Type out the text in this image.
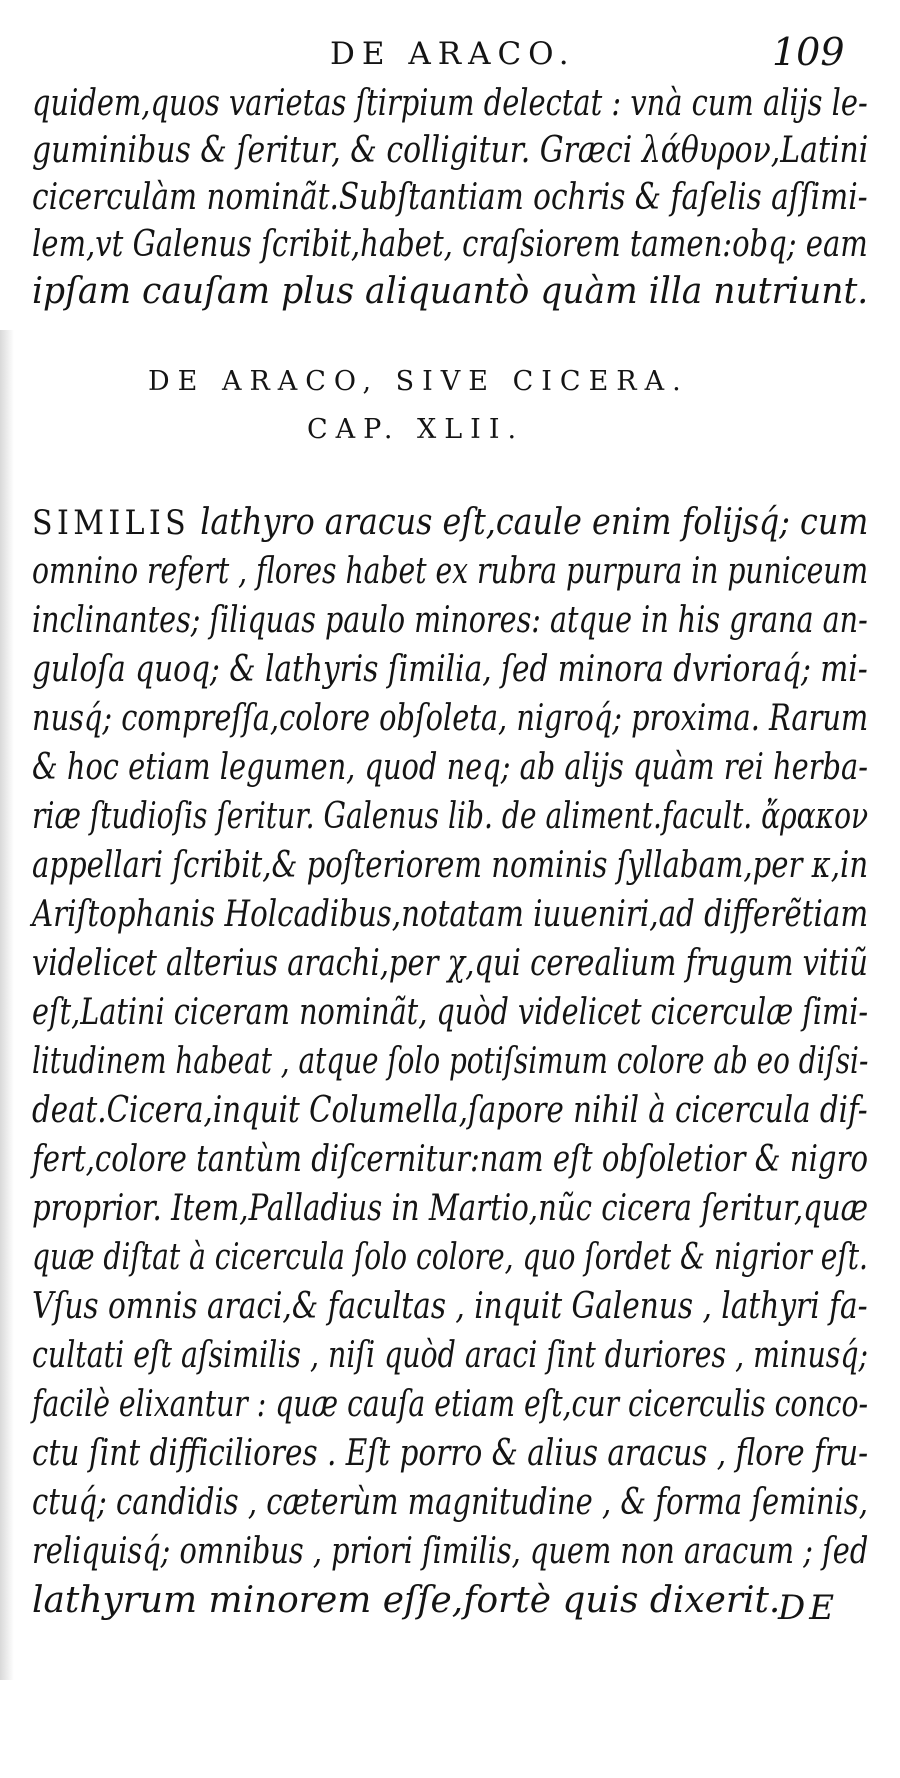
DE ARACO.	109
quidem,quos varietas ſtirpium delectat : vnà cum alijs le-
guminibus & ſeritur, & colligitur. Græci λάθυρον,Latini
cicerculàm nominãt.Subſtantiam ochris & faſelis aſſimi-
lem,vt Galenus ſcribit,habet, craſsiorem tamen:obq; eam
ipſam cauſam plus aliquantò quàm illa nutriunt.
DE ARACO, SIVE CICERA.
CAP. XLII.
SIMILIS lathyro aracus eſt,caule enim folijsq́; cum
omnino refert , flores habet ex rubra purpura in puniceum
inclinantes; ſiliquas paulo minores: atque in his grana an-
guloſa quoq; & lathyris ſimilia, ſed minora dvrioraq́; mi-
nusq́; compreſſa,colore obſoleta, nigroq́; proxima. Rarum
& hoc etiam legumen, quod neq; ab alijs quàm rei herba-
riæ ſtudioſis ſeritur. Galenus lib. de aliment.facult. ἄρακον
appellari ſcribit,& poſteriorem nominis ſyllabam,per κ,in
Ariſtophanis Holcadibus,notatam iuueniri,ad differẽtiam
videlicet alterius arachi,per χ,qui cerealium frugum vitiũ
eſt,Latini ciceram nominãt, quòd videlicet cicerculæ ſimi-
litudinem habeat , atque ſolo potiſsimum colore ab eo diſsi-
deat.Cicera,inquit Columella,ſapore nihil à cicercula dif-
fert,colore tantùm diſcernitur:nam eſt obſoletior & nigro
proprior. Item,Palladius in Martio,nũc cicera ſeritur,quæ
quæ diſtat à cicercula ſolo colore, quo ſordet & nigrior eſt.
Vſus omnis araci,& facultas , inquit Galenus , lathyri fa-
cultati eſt aſsimilis , niſi quòd araci ſint duriores , minusq́;
facilè elixantur : quæ cauſa etiam eſt,cur cicerculis conco-
ctu ſint difficiliores . Eſt porro & alius aracus , flore fru-
ctuq́; candidis , cæterùm magnitudine , & forma ſeminis,
reliquisq́; omnibus , priori ſimilis, quem non aracum ; ſed
lathyrum minorem eſſe,fortè quis dixerit.
DE
